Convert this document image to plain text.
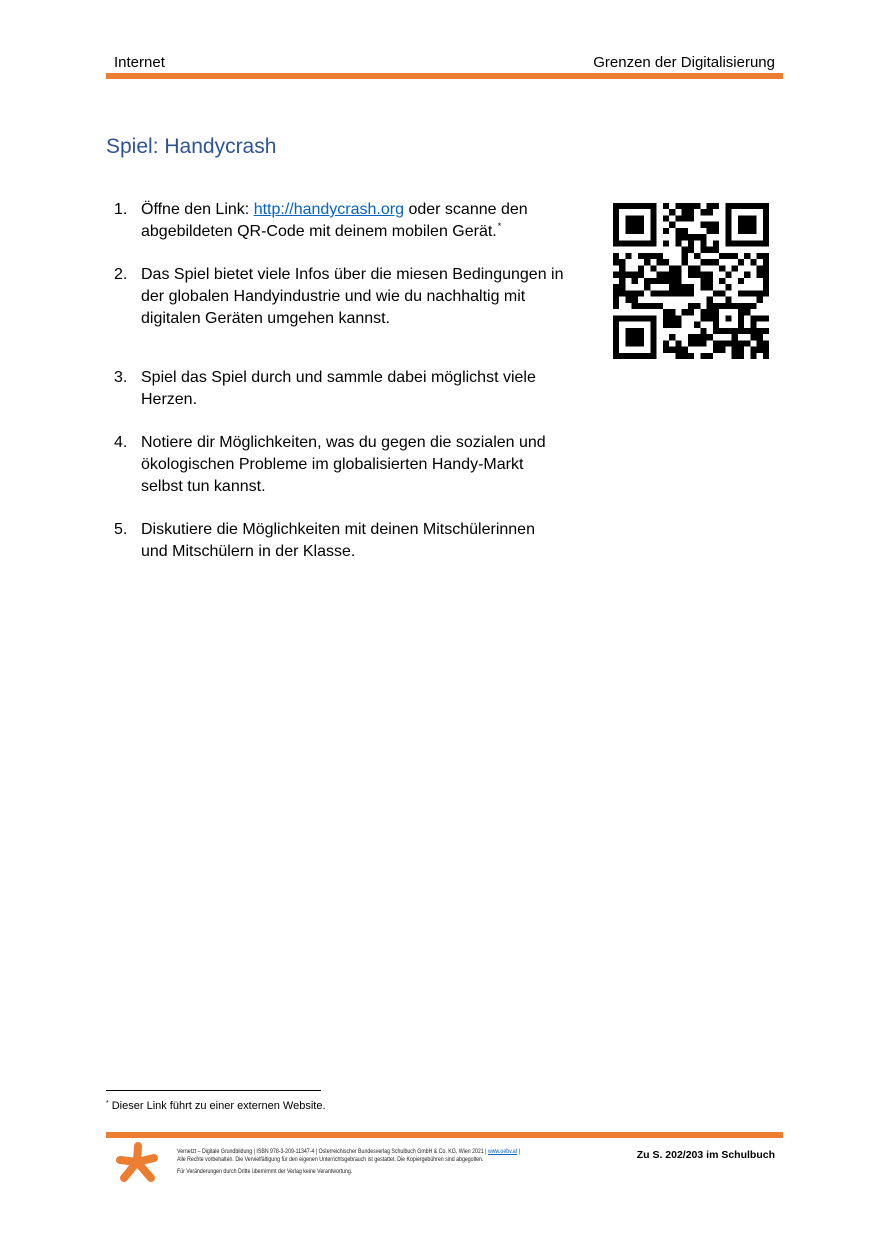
Internet	Grenzen der Digitalisierung
Spiel: Handycrash
1. Öffne den Link: http://handycrash.org oder scanne den
abgebildeten QR-Code mit deinem mobilen Gerät.*
2. Das Spiel bietet viele Infos über die miesen Bedingungen in
der globalen Handyindustrie und wie du nachhaltig mit
digitalen Geräten umgehen kannst.
3. Spiel das Spiel durch und sammle dabei möglichst viele
Herzen.
4. Notiere dir Möglichkeiten, was du gegen die sozialen und
ökologischen Probleme im globalisierten Handy-Markt
selbst tun kannst.
5. Diskutiere die Möglichkeiten mit deinen Mitschülerinnen
und Mitschülern in der Klasse.
* Dieser Link führt zu einer externen Website.
Vernetzt – Digitale Grundbildung | ISBN 978-3-209-11347-4 | Österreichischer Bundesverlag Schulbuch GmbH & Co. KG, Wien 2021 | www.oebv.at |
Alle Rechte vorbehalten. Die Vervielfältigung für den eigenen Unterrichtsgebrauch ist gestattet. Die Kopiergebühren sind abgegolten.
Für Veränderungen durch Dritte übernimmt der Verlag keine Verantwortung.
Zu S. 202/203 im Schulbuch
